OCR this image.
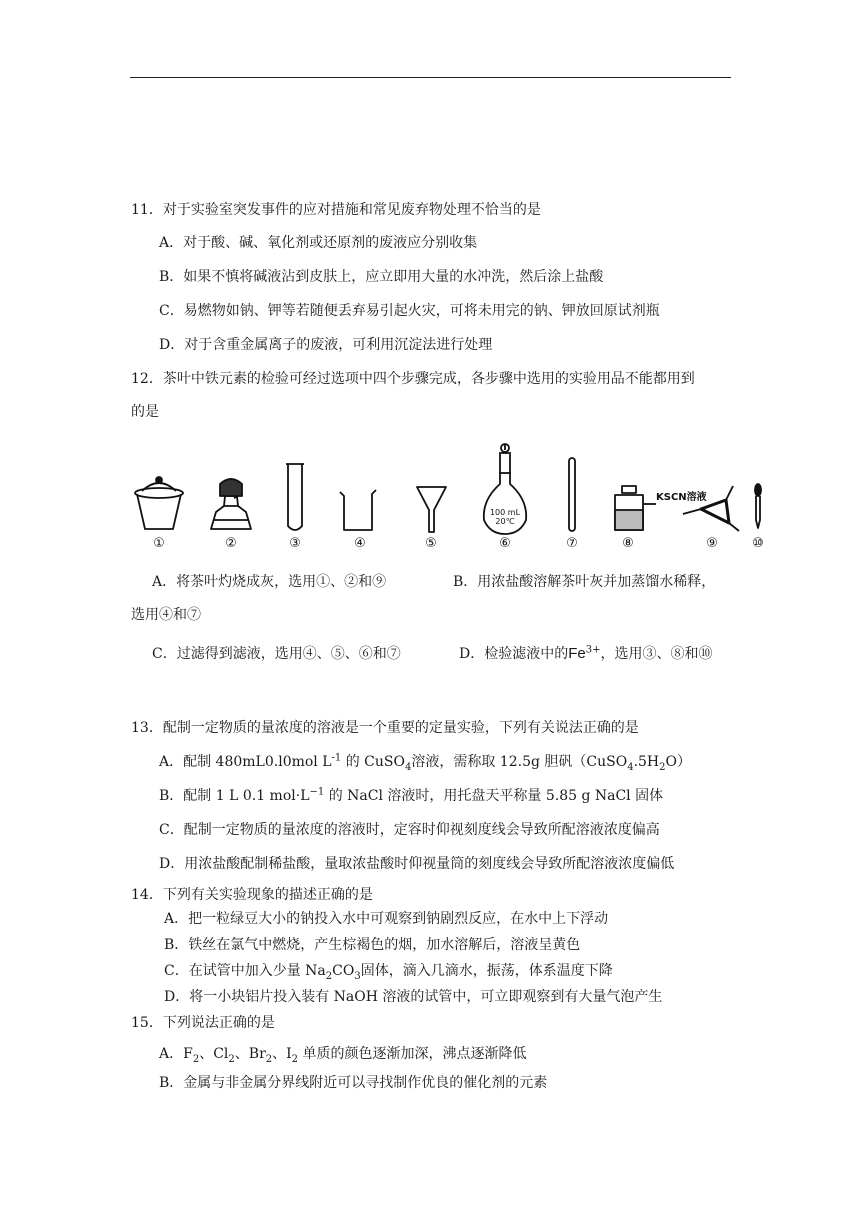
11．对于实验室突发事件的应对措施和常见废弃物处理不恰当的是
A．对于酸、碱、氧化剂或还原剂的废液应分别收集
B．如果不慎将碱液沾到皮肤上，应立即用大量的水冲洗，然后涂上盐酸
C．易燃物如钠、钾等若随便丢弃易引起火灾，可将未用完的钠、钾放回原试剂瓶
D．对于含重金属离子的废液，可利用沉淀法进行处理
12．茶叶中铁元素的检验可经过选项中四个步骤完成，各步骤中选用的实验用品不能都用到
的是
100 mL
20℃
KSCN溶液
①	②	③	④	⑤	⑥	⑦	⑧	⑨	⑩
A．将茶叶灼烧成灰，选用①、②和⑨	B．用浓盐酸溶解茶叶灰并加蒸馏水稀释，
选用④和⑦
C．过滤得到滤液，选用④、⑤、⑥和⑦	D．检验滤液中的$Fe^{3+}$，选用③、⑧和⑩
13．配制一定物质的量浓度的溶液是一个重要的定量实验，下列有关说法正确的是
A．配制 480mL0.l0mol $L^{-1}$ 的 CuSO$_4$溶液，需称取 12.5g 胆矾$(CuSO_4.5H_2O)$
B．配制 1 L 0.1 $mol\cdot L^{-1}$ 的 NaCl 溶液时，用托盘天平称量 5.85 g NaCl 固体
C．配制一定物质的量浓度的溶液时，定容时仰视刻度线会导致所配溶液浓度偏高
D．用浓盐酸配制稀盐酸，量取浓盐酸时仰视量筒的刻度线会导致所配溶液浓度偏低
14．下列有关实验现象的描述正确的是
A．把一粒绿豆大小的钠投入水中可观察到钠剧烈反应，在水中上下浮动
B．铁丝在氯气中燃烧，产生棕褐色的烟，加水溶解后，溶液呈黄色
C．在试管中加入少量 $Na_2CO_3$固体，滴入几滴水，振荡，体系温度下降
D．将一小块铝片投入装有 NaOH 溶液的试管中，可立即观察到有大量气泡产生
15．下列说法正确的是
A．$F_2$、$Cl_2$、$Br_2$、$I_2$ 单质的颜色逐渐加深，沸点逐渐降低
B．金属与非金属分界线附近可以寻找制作优良的催化剂的元素
